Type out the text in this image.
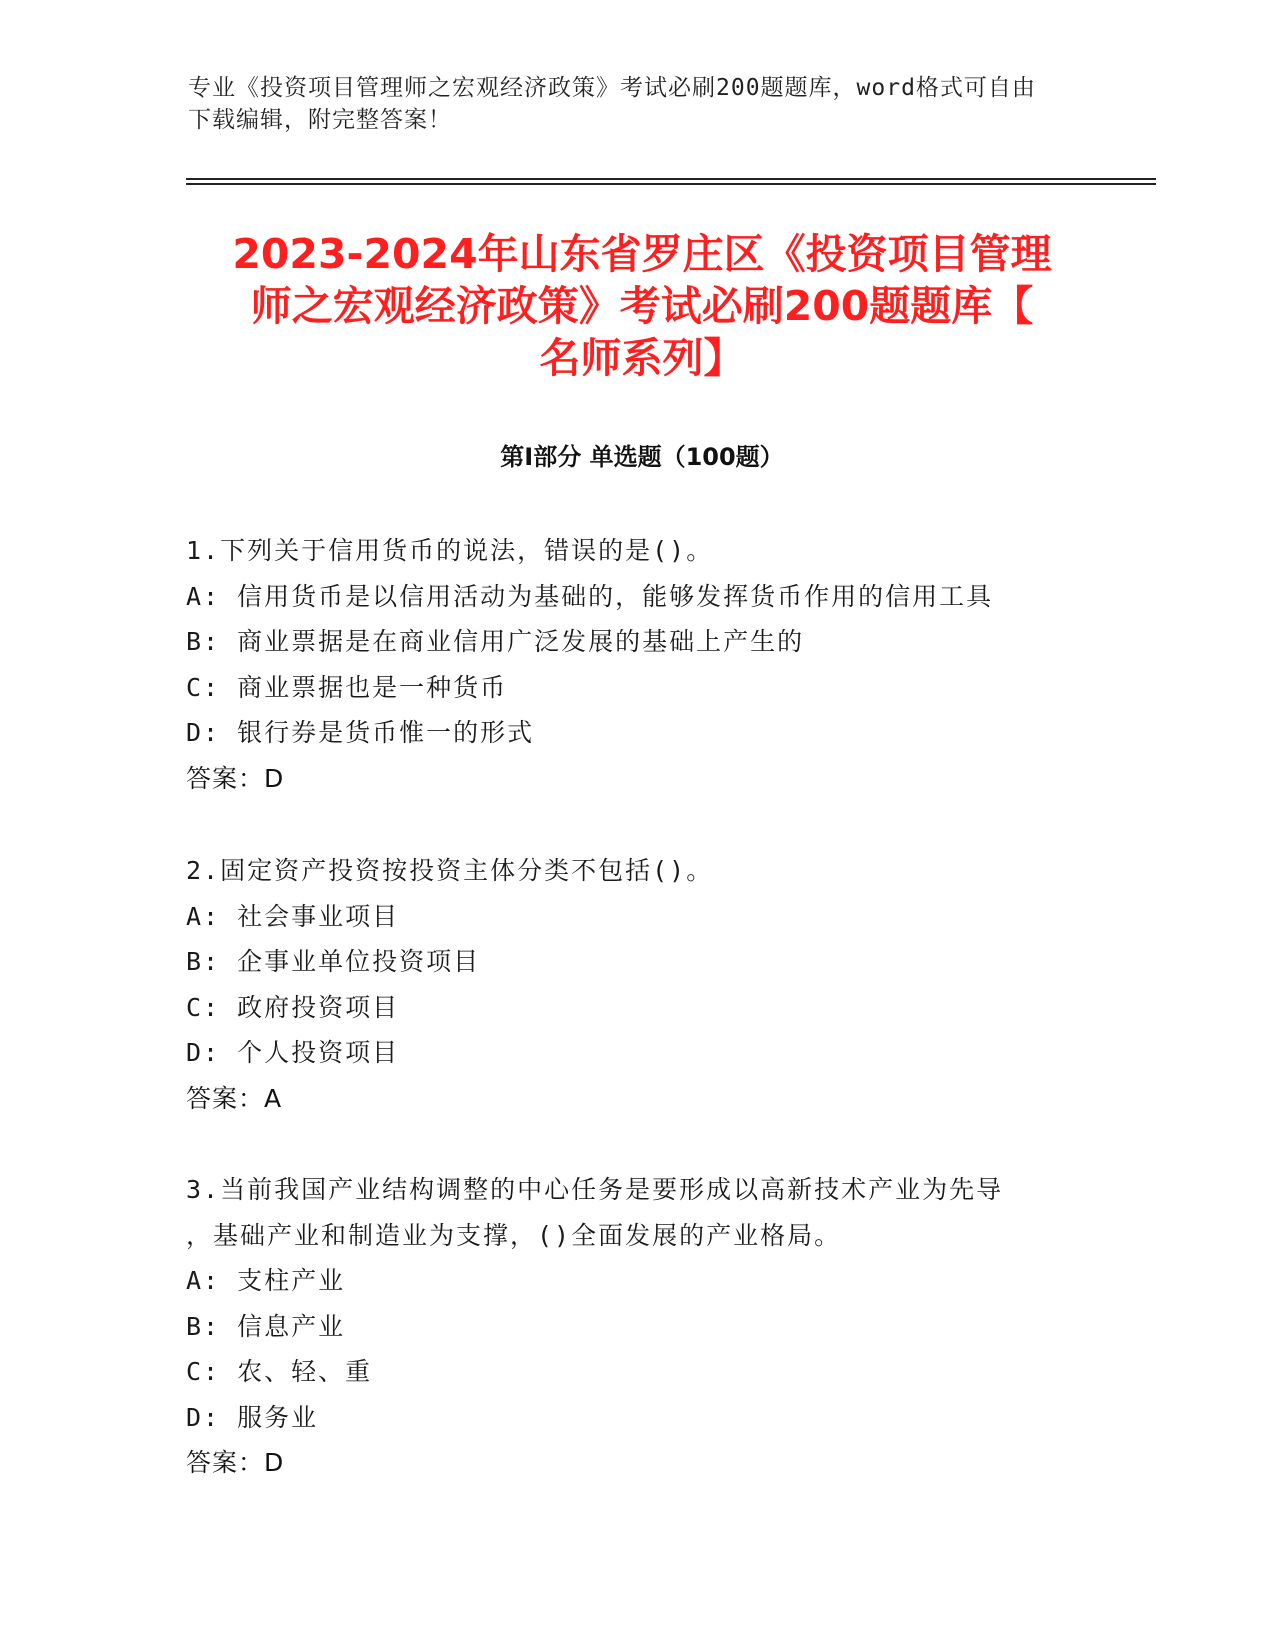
专业《投资项目管理师之宏观经济政策》考试必刷200题题库，word格式可自由
下载编辑，附完整答案！
2023-2024年山东省罗庄区《投资项目管理
师之宏观经济政策》考试必刷200题题库【
名师系列】
第I部分 单选题（100题）
1.下列关于信用货币的说法，错误的是()。
A: 信用货币是以信用活动为基础的，能够发挥货币作用的信用工具
B: 商业票据是在商业信用广泛发展的基础上产生的
C: 商业票据也是一种货币
D: 银行券是货币惟一的形式
答案：D
2.固定资产投资按投资主体分类不包括()。
A: 社会事业项目
B: 企事业单位投资项目
C: 政府投资项目
D: 个人投资项目
答案：A
3.当前我国产业结构调整的中心任务是要形成以高新技术产业为先导
，基础产业和制造业为支撑，()全面发展的产业格局。
A: 支柱产业
B: 信息产业
C: 农、轻、重
D: 服务业
答案：D
